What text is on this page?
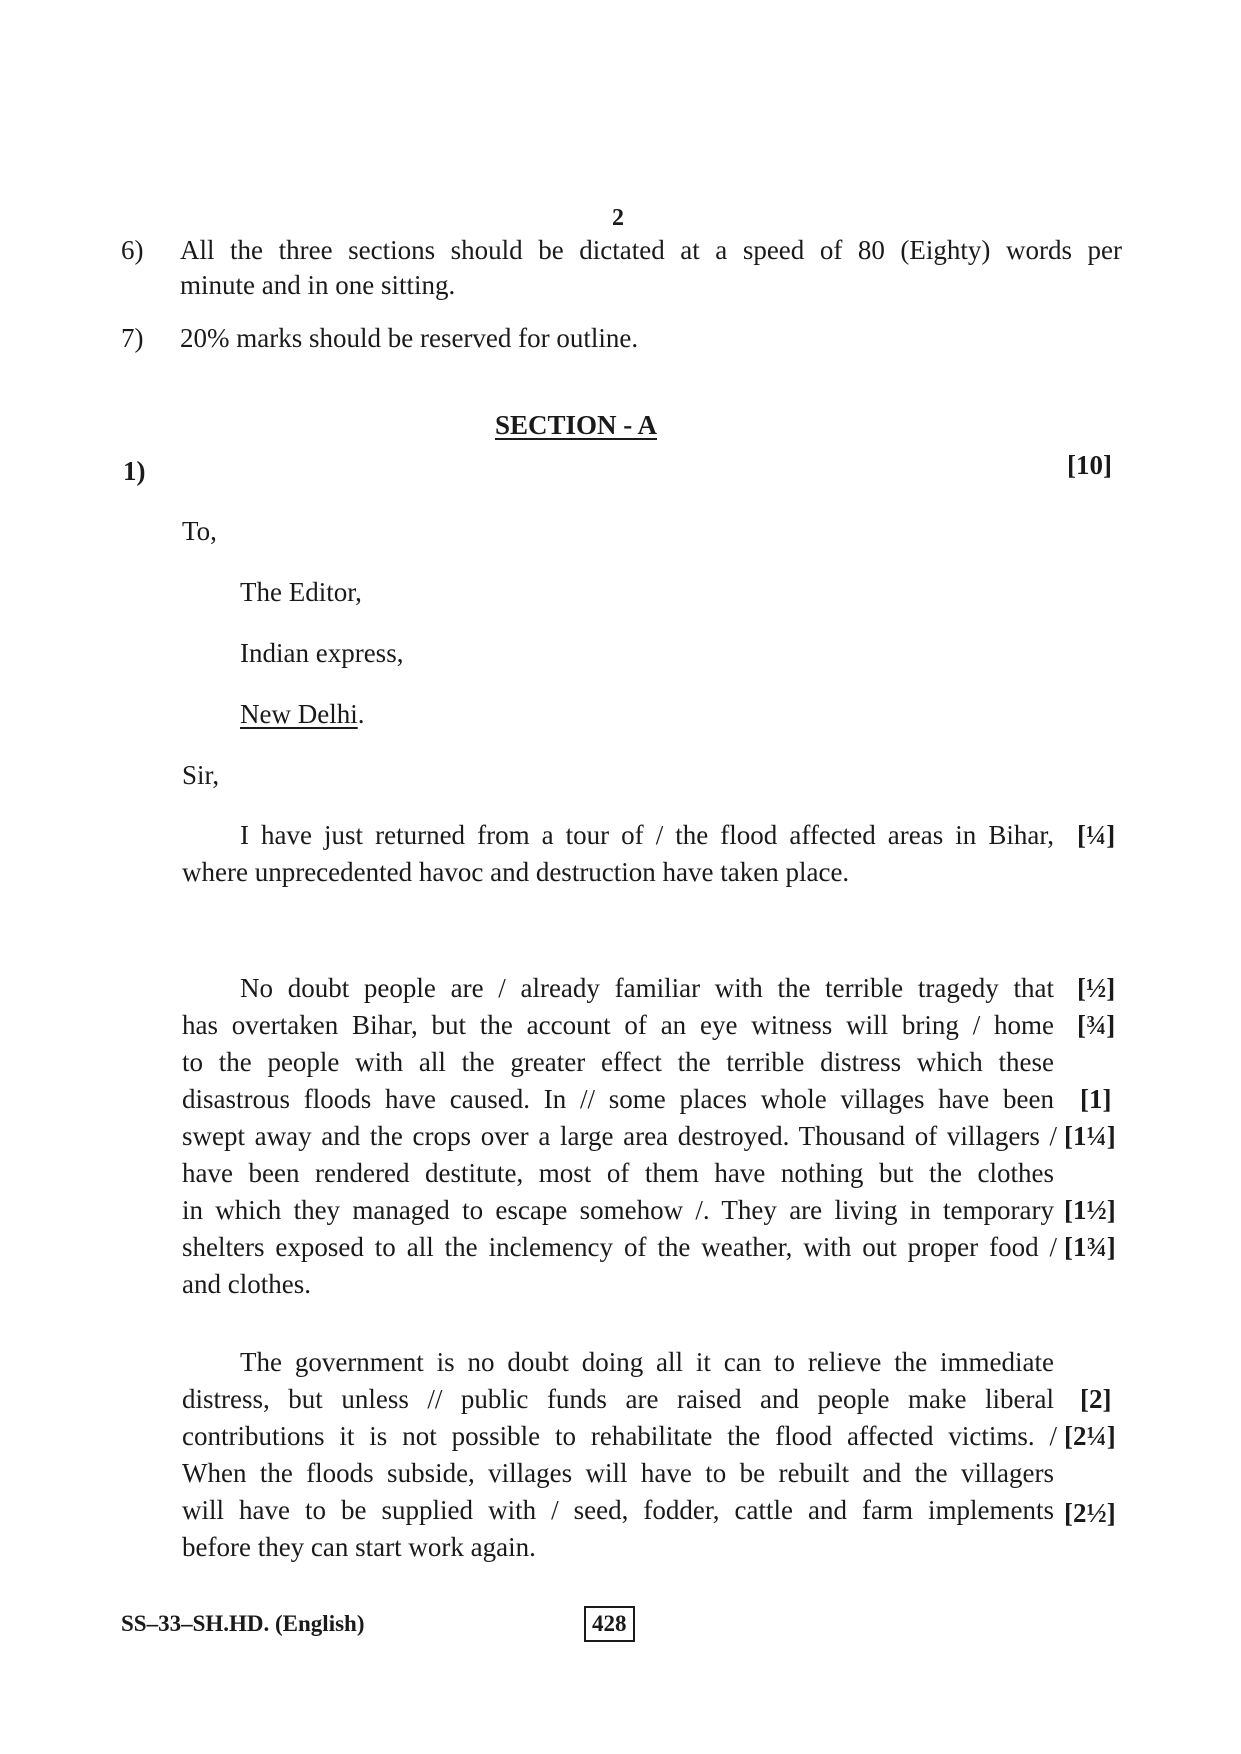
2
6) All the three sections should be dictated at a speed of 80 (Eighty) words per
minute and in one sitting.
7) 20% marks should be reserved for outline.
SECTION - A
1)	[10]
To,
The Editor,
Indian express,
New Delhi.
Sir,
I have just returned from a tour of / the flood affected areas in Bihar,
where unprecedented havoc and destruction have taken place.
[¼]
No doubt people are / already familiar with the terrible tragedy that
has overtaken Bihar, but the account of an eye witness will bring / home
to the people with all the greater effect the terrible distress which these
disastrous floods have caused. In // some places whole villages have been
swept away and the crops over a large area destroyed. Thousand of villagers /
have been rendered destitute, most of them have nothing but the clothes
in which they managed to escape somehow /. They are living in temporary
shelters exposed to all the inclemency of the weather, with out proper food /
and clothes.
[½]
[¾]
[1]
[1¼]
[1½]
[1¾]
The government is no doubt doing all it can to relieve the immediate
distress, but unless // public funds are raised and people make liberal
contributions it is not possible to rehabilitate the flood affected victims. /
When the floods subside, villages will have to be rebuilt and the villagers
will have to be supplied with / seed, fodder, cattle and farm implements
before they can start work again.
[2]
[2¼]
[2½]
SS–33–SH.HD. (English)	428
